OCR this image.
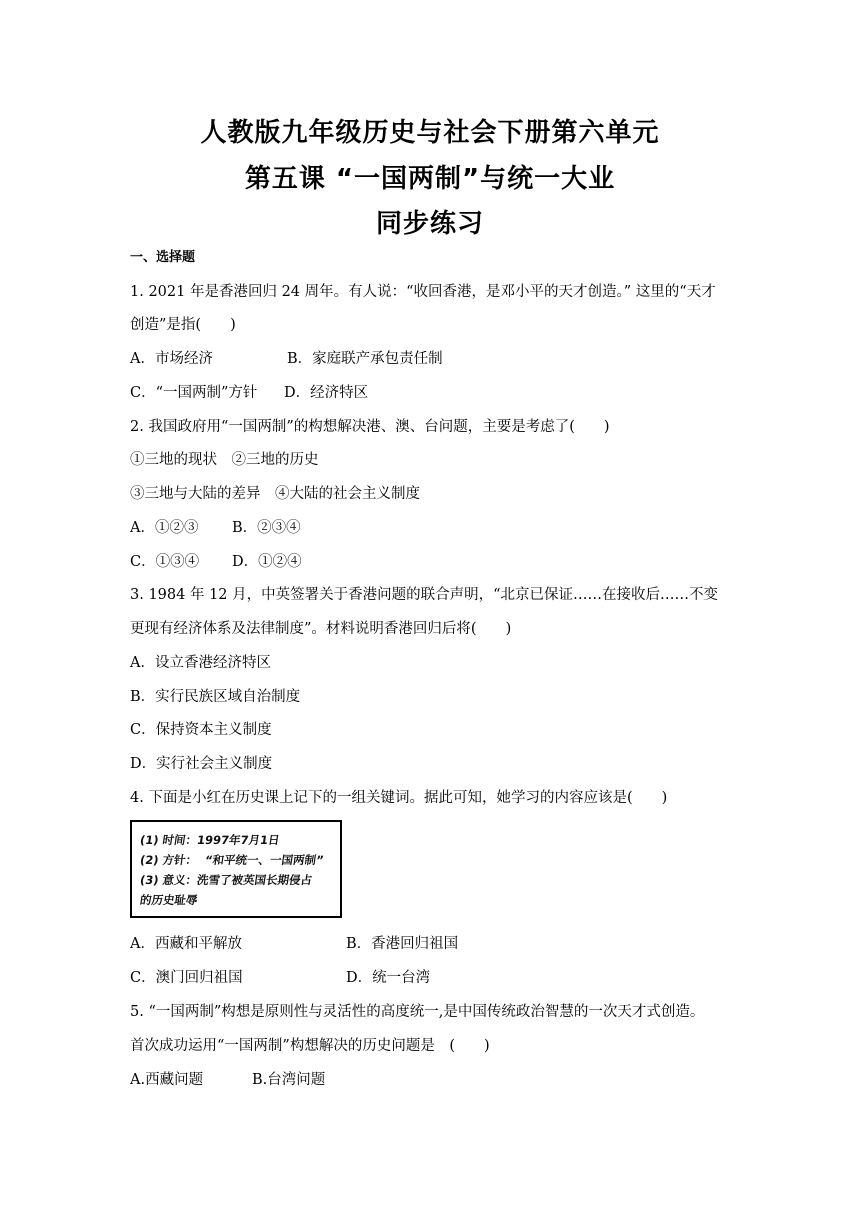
人教版九年级历史与社会下册第六单元
第五课 “一国两制”与统一大业
同步练习
一、选择题
1. 2021 年是香港回归 24 周年。有人说：“收回香港，是邓小平的天才创造。” 这里的“天才
创造”是指(　　)
A．市场经济	B．家庭联产承包责任制
C．“一国两制”方针 D．经济特区
2. 我国政府用“一国两制”的构想解决港、澳、台问题，主要是考虑了(　　)
①三地的现状　②三地的历史
③三地与大陆的差异　④大陆的社会主义制度
A．①②③ B．②③④
C．①③④ D．①②④
3. 1984 年 12 月，中英签署关于香港问题的联合声明，“北京已保证……在接收后……不变
更现有经济体系及法律制度”。材料说明香港回归后将(　　)
A．设立香港经济特区
B．实行民族区域自治制度
C．保持资本主义制度
D．实行社会主义制度
4. 下面是小红在历史课上记下的一组关键词。据此可知，她学习的内容应该是(　　)
(1) 时间：1997年7月1日
(2) 方针：  “和平统一、一国两制”
(3) 意义：洗雪了被英国长期侵占
的历史耻辱
A．西藏和平解放	B．香港回归祖国
C．澳门回归祖国	D．统一台湾
5. “一国两制”构想是原则性与灵活性的高度统一,是中国传统政治智慧的一次天才式创造。
首次成功运用“一国两制”构想解决的历史问题是　(　　)
A.西藏问题	B.台湾问题
